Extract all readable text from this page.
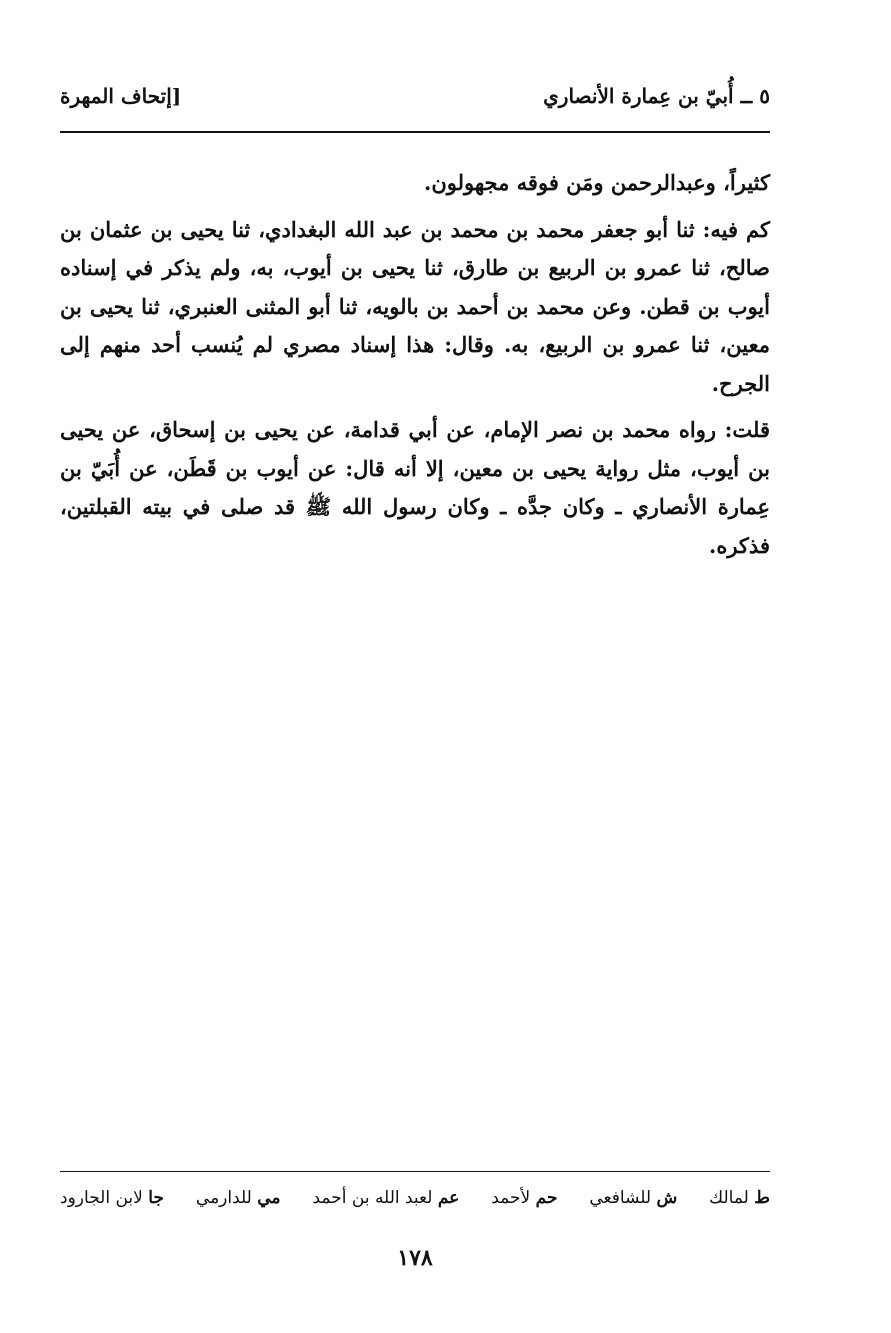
٥ ــ أُبيّ بن عِمارة الأنصاري
[إتحاف المهرة

كثيراً، وعبدالرحمن ومَن فوقه مجهولون.

كم فيه: ثنا أبو جعفر محمد بن محمد بن عبد الله البغدادي، ثنا يحيى بن عثمان بن صالح، ثنا عمرو بن الربيع بن طارق، ثنا يحيى بن أيوب، به، ولم يذكر في إسناده أيوب بن قطن. وعن محمد بن أحمد بن بالويه، ثنا أبو المثنى العنبري، ثنا يحيى بن معين، ثنا عمرو بن الربيع، به. وقال: هذا إسناد مصري لم يُنسب أحد منهم إلى الجرح.

قلت: رواه محمد بن نصر الإمام، عن أبي قدامة، عن يحيى بن إسحاق، عن يحيى بن أيوب، مثل رواية يحيى بن معين، إلا أنه قال: عن أيوب بن قَطَن، عن أُبَيّ بن عِمارة الأنصاري ـ وكان جدَّه ـ وكان رسول الله ﷺ قد صلى في بيته القبلتين، فذكره.

ط لمالك
ش للشافعي
حم لأحمد
عم لعبد الله بن أحمد
مي للدارمي
جا لابن الجارود
١٧٨
